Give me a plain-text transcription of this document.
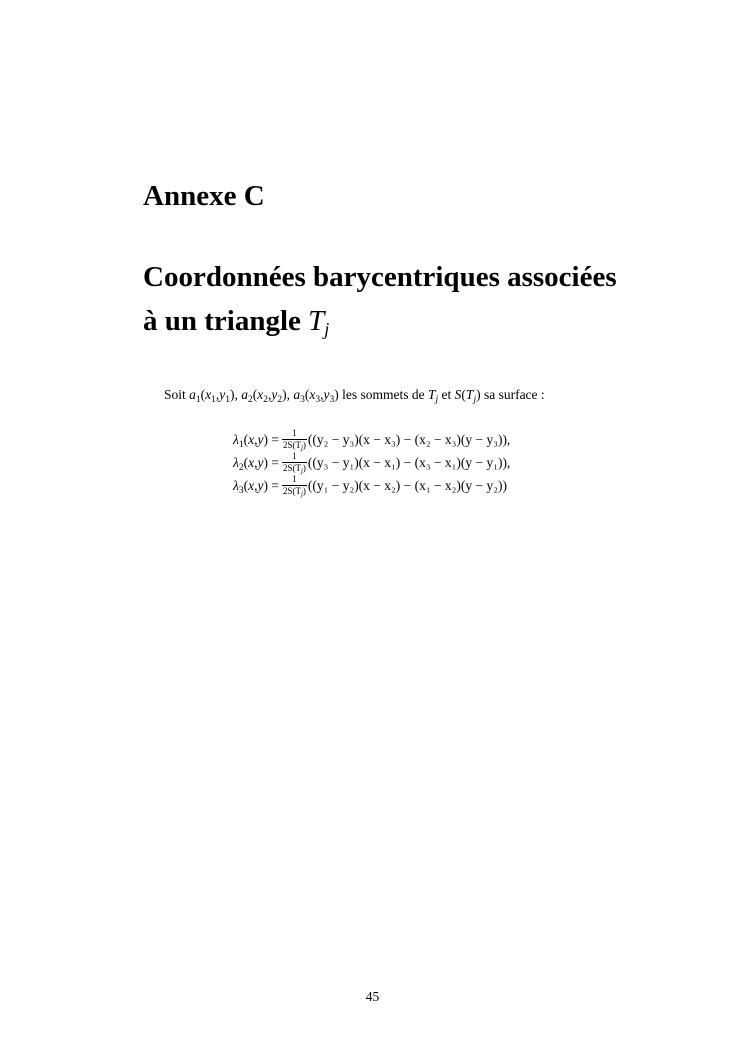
Annexe C
Coordonnées barycentriques associées
à un triangle $T_j$
Soit $a_1(x_1,y_1)$, $a_2(x_2,y_2)$, $a_3(x_3,y_3)$ les sommets de $T_j$ et $S(T_j)$ sa surface :
$\lambda_1(x,y) = \frac{1}{2S(T_j)} ((y_2 - y_3)(x - x_3) - (x_2 - x_3)(y - y_3))$,
$\lambda_2(x,y) = \frac{1}{2S(T_j)} ((y_3 - y_1)(x - x_1) - (x_3 - x_1)(y - y_1))$,
$\lambda_3(x,y) = \frac{1}{2S(T_j)} ((y_1 - y_2)(x - x_2) - (x_1 - x_2)(y - y_2))$
45
